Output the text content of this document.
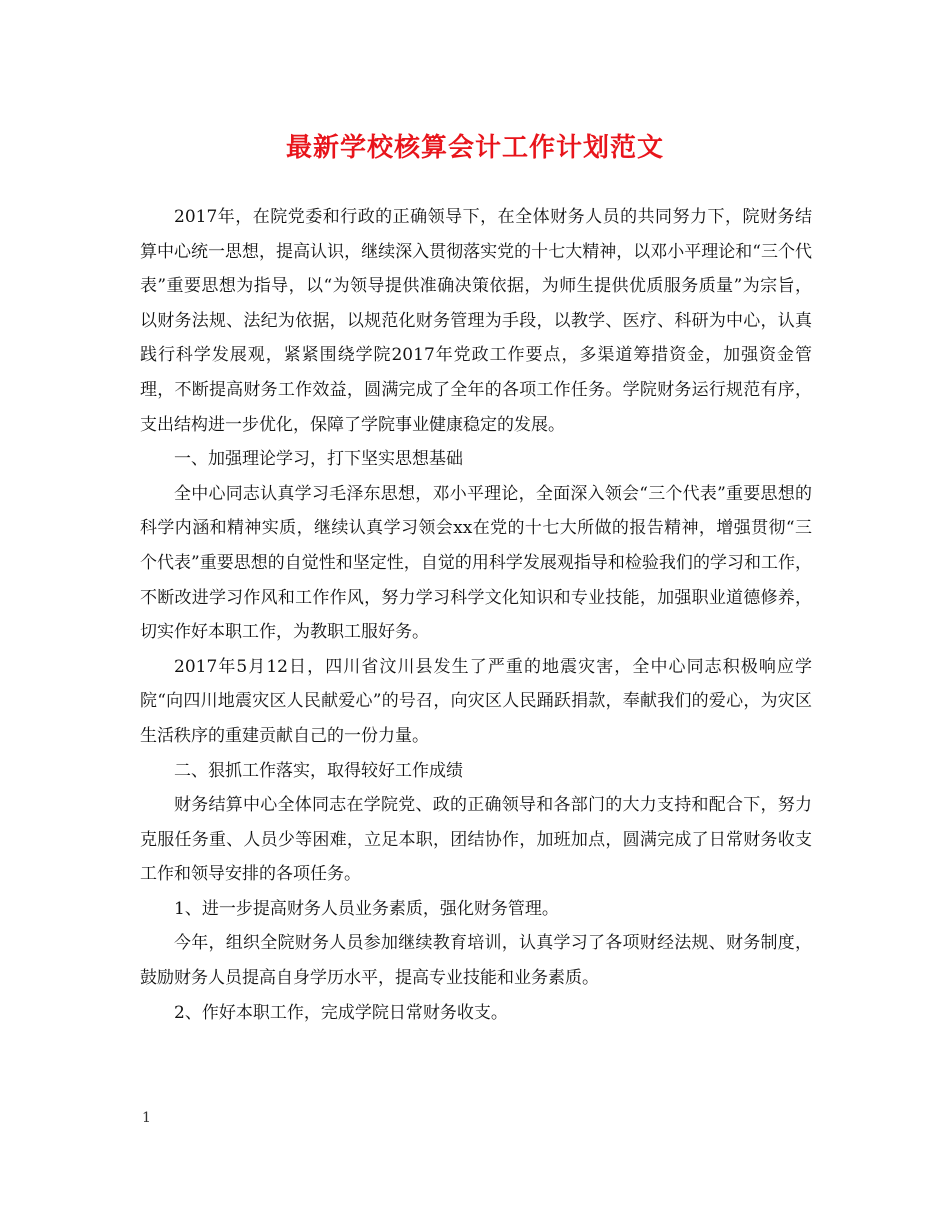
最新学校核算会计工作计划范文

2017年，在院党委和行政的正确领导下，在全体财务人员的共同努力下，院财务结算中心统一思想，提高认识，继续深入贯彻落实党的十七大精神，以邓小平理论和“三个代表”重要思想为指导，以“为领导提供准确决策依据，为师生提供优质服务质量”为宗旨，以财务法规、法纪为依据，以规范化财务管理为手段，以教学、医疗、科研为中心，认真践行科学发展观，紧紧围绕学院2017年党政工作要点，多渠道筹措资金，加强资金管理，不断提高财务工作效益，圆满完成了全年的各项工作任务。学院财务运行规范有序，支出结构进一步优化，保障了学院事业健康稳定的发展。

一、加强理论学习，打下坚实思想基础

全中心同志认真学习毛泽东思想，邓小平理论，全面深入领会“三个代表”重要思想的科学内涵和精神实质，继续认真学习领会xx在党的十七大所做的报告精神，增强贯彻“三个代表”重要思想的自觉性和坚定性，自觉的用科学发展观指导和检验我们的学习和工作，不断改进学习作风和工作作风，努力学习科学文化知识和专业技能，加强职业道德修养，切实作好本职工作，为教职工服好务。

2017年5月12日，四川省汶川县发生了严重的地震灾害，全中心同志积极响应学院“向四川地震灾区人民献爱心”的号召，向灾区人民踊跃捐款，奉献我们的爱心，为灾区生活秩序的重建贡献自己的一份力量。

二、狠抓工作落实，取得较好工作成绩

财务结算中心全体同志在学院党、政的正确领导和各部门的大力支持和配合下，努力克服任务重、人员少等困难，立足本职，团结协作，加班加点，圆满完成了日常财务收支工作和领导安排的各项任务。

1、进一步提高财务人员业务素质，强化财务管理。

今年，组织全院财务人员参加继续教育培训，认真学习了各项财经法规、财务制度，鼓励财务人员提高自身学历水平，提高专业技能和业务素质。

2、作好本职工作，完成学院日常财务收支。

1
